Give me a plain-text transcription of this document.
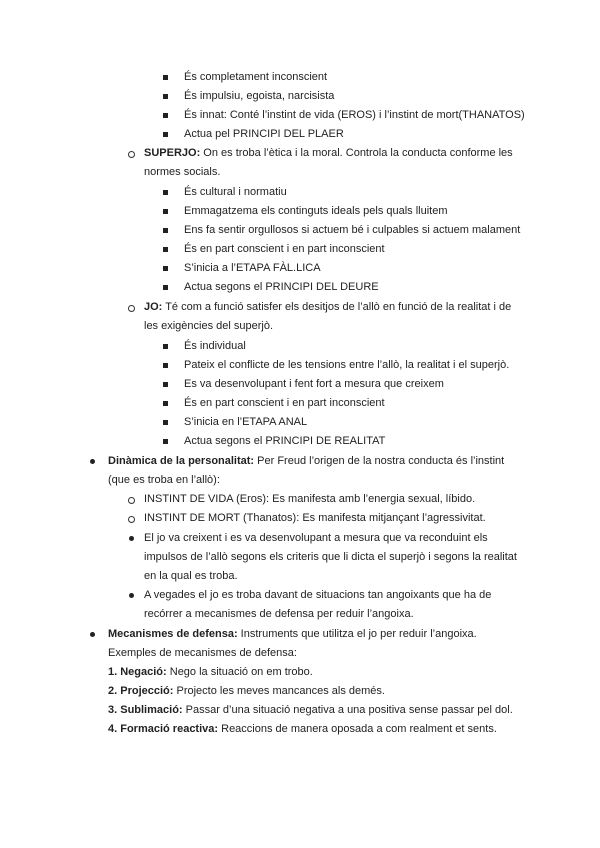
És completament inconscient
És impulsiu, egoista, narcisista
És innat: Conté l’instint de vida (EROS) i l’instint de mort(THANATOS)
Actua pel PRINCIPI DEL PLAER
SUPERJO: On es troba l’ètica i la moral. Controla la conducta conforme les
normes socials.
És cultural i normatiu
Emmagatzema els continguts ideals pels quals lluitem
Ens fa sentir orgullosos si actuem bé i culpables si actuem malament
És en part conscient i en part inconscient
S’inicia a l’ETAPA FÀL.LICA
Actua segons el PRINCIPI DEL DEURE
JO: Té com a funció satisfer els desitjos de l’allò en funció de la realitat i de
les exigències del superjò.
És individual
Pateix el conflicte de les tensions entre l’allò, la realitat i el superjò.
Es va desenvolupant i fent fort a mesura que creixem
És en part conscient i en part inconscient
S’inicia en l’ETAPA ANAL
Actua segons el PRINCIPI DE REALITAT
Dinàmica de la personalitat: Per Freud l’origen de la nostra conducta és l’instint
(que es troba en l’allò):
INSTINT DE VIDA (Eros): Es manifesta amb l’energia sexual, líbido.
INSTINT DE MORT (Thanatos): Es manifesta mitjançant l’agressivitat.
El jo va creixent i es va desenvolupant a mesura que va reconduint els
impulsos de l’allò segons els criteris que li dicta el superjò i segons la realitat
en la qual es troba.
A vegades el jo es troba davant de situacions tan angoixants que ha de
recórrer a mecanismes de defensa per reduir l’angoixa.
Mecanismes de defensa: Instruments que utilitza el jo per reduir l’angoixa.
Exemples de mecanismes de defensa:
1. Negació: Nego la situació on em trobo.
2. Projecció: Projecto les meves mancances als demés.
3. Sublimació: Passar d’una situació negativa a una positiva sense passar pel dol.
4. Formació reactiva: Reaccions de manera oposada a com realment et sents.
